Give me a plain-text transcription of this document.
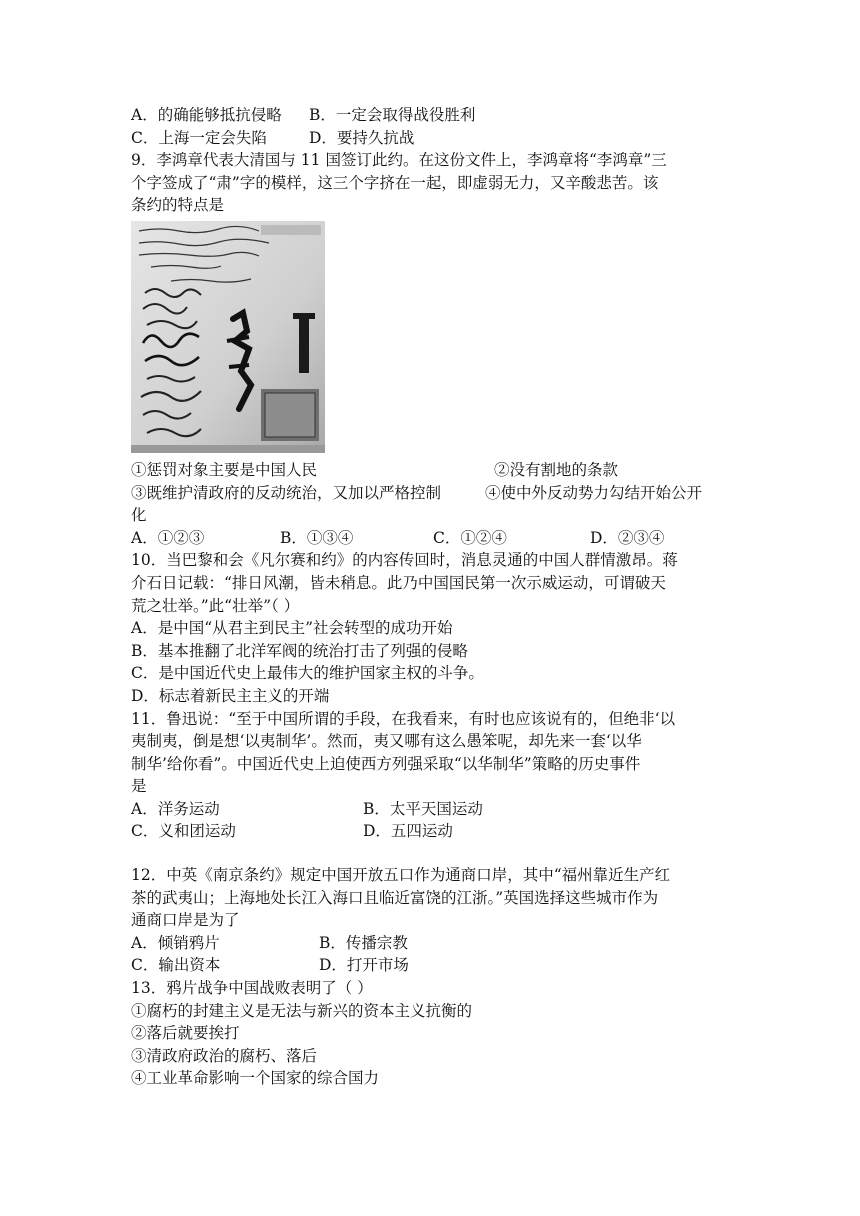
A．的确能够抵抗侵略	B．一定会取得战役胜利
C．上海一定会失陷	D．要持久抗战
9．李鸿章代表大清国与 11 国签订此约。在这份文件上，李鸿章将“李鸿章”三
个字签成了“肃”字的模样，这三个字挤在一起，即虚弱无力，又辛酸悲苦。该
条约的特点是
①惩罚对象主要是中国人民	②没有割地的条款
③既维护清政府的反动统治，又加以严格控制	④使中外反动势力勾结开始公开
化
A．①②③	B．①③④	C．①②④	D．②③④
10．当巴黎和会《凡尔赛和约》的内容传回时，消息灵通的中国人群情激昂。蒋
介石日记载：“排日风潮，皆未稍息。此乃中国国民第一次示威运动，可谓破天
荒之壮举。”此“壮举”（ ）
A．是中国“从君主到民主”社会转型的成功开始
B．基本推翻了北洋军阀的统治打击了列强的侵略
C．是中国近代史上最伟大的维护国家主权的斗争。
D．标志着新民主主义的开端
11．鲁迅说：“至于中国所谓的手段，在我看来，有时也应该说有的，但绝非‘以
夷制夷，倒是想‘以夷制华’。然而，夷又哪有这么愚笨呢，却先来一套‘以华
制华’给你看”。中国近代史上迫使西方列强采取“以华制华”策略的历史事件
是
A．洋务运动	B．太平天国运动
C．义和团运动	D．五四运动
12．中英《南京条约》规定中国开放五口作为通商口岸，其中“福州靠近生产红
茶的武夷山；上海地处长江入海口且临近富饶的江浙。”英国选择这些城市作为
通商口岸是为了
A．倾销鸦片	B．传播宗教
C．输出资本	D．打开市场
13．鸦片战争中国战败表明了（ ）
①腐朽的封建主义是无法与新兴的资本主义抗衡的
②落后就要挨打
③清政府政治的腐朽、落后
④工业革命影响一个国家的综合国力
